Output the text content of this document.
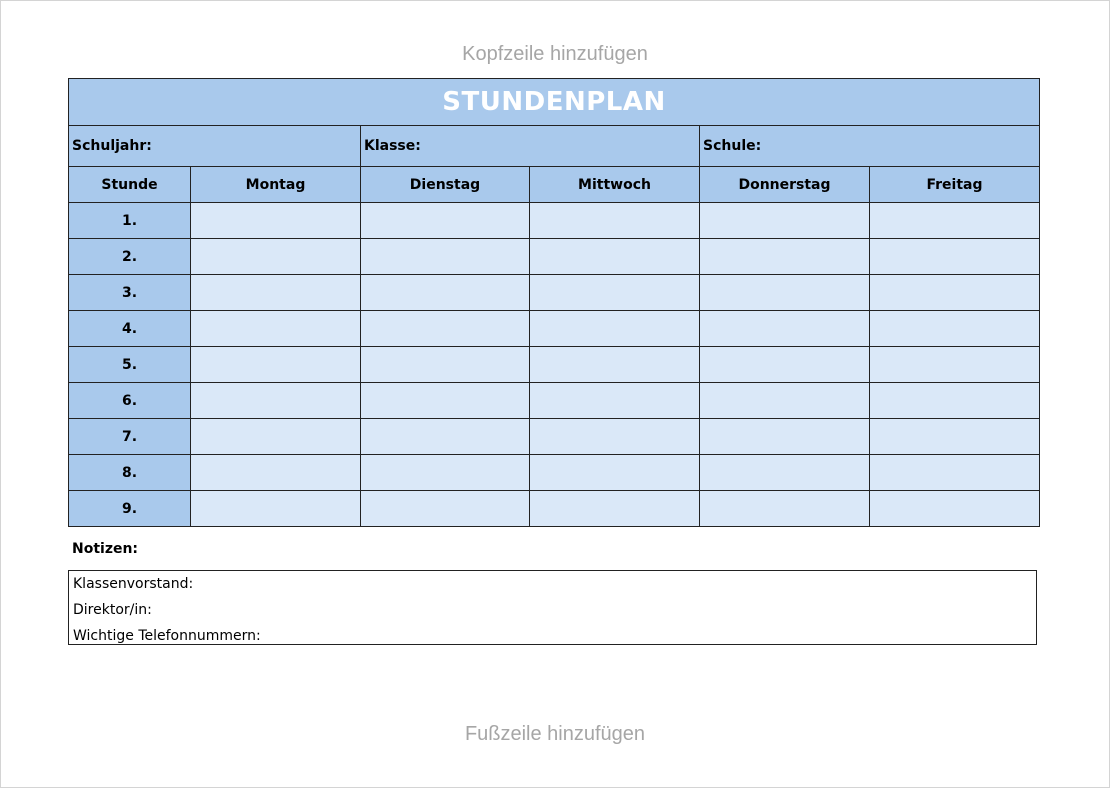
Kopfzeile hinzufügen
STUNDENPLAN					
Schuljahr:		Klasse:		Schule:	
Stunde	Montag	Dienstag	Mittwoch	Donnerstag	Freitag
1.					
2.					
3.					
4.					
5.					
6.					
7.					
8.					
9.					
Notizen:
Klassenvorstand:
Direktor/in:
Wichtige Telefonnummern:
Fußzeile hinzufügen
